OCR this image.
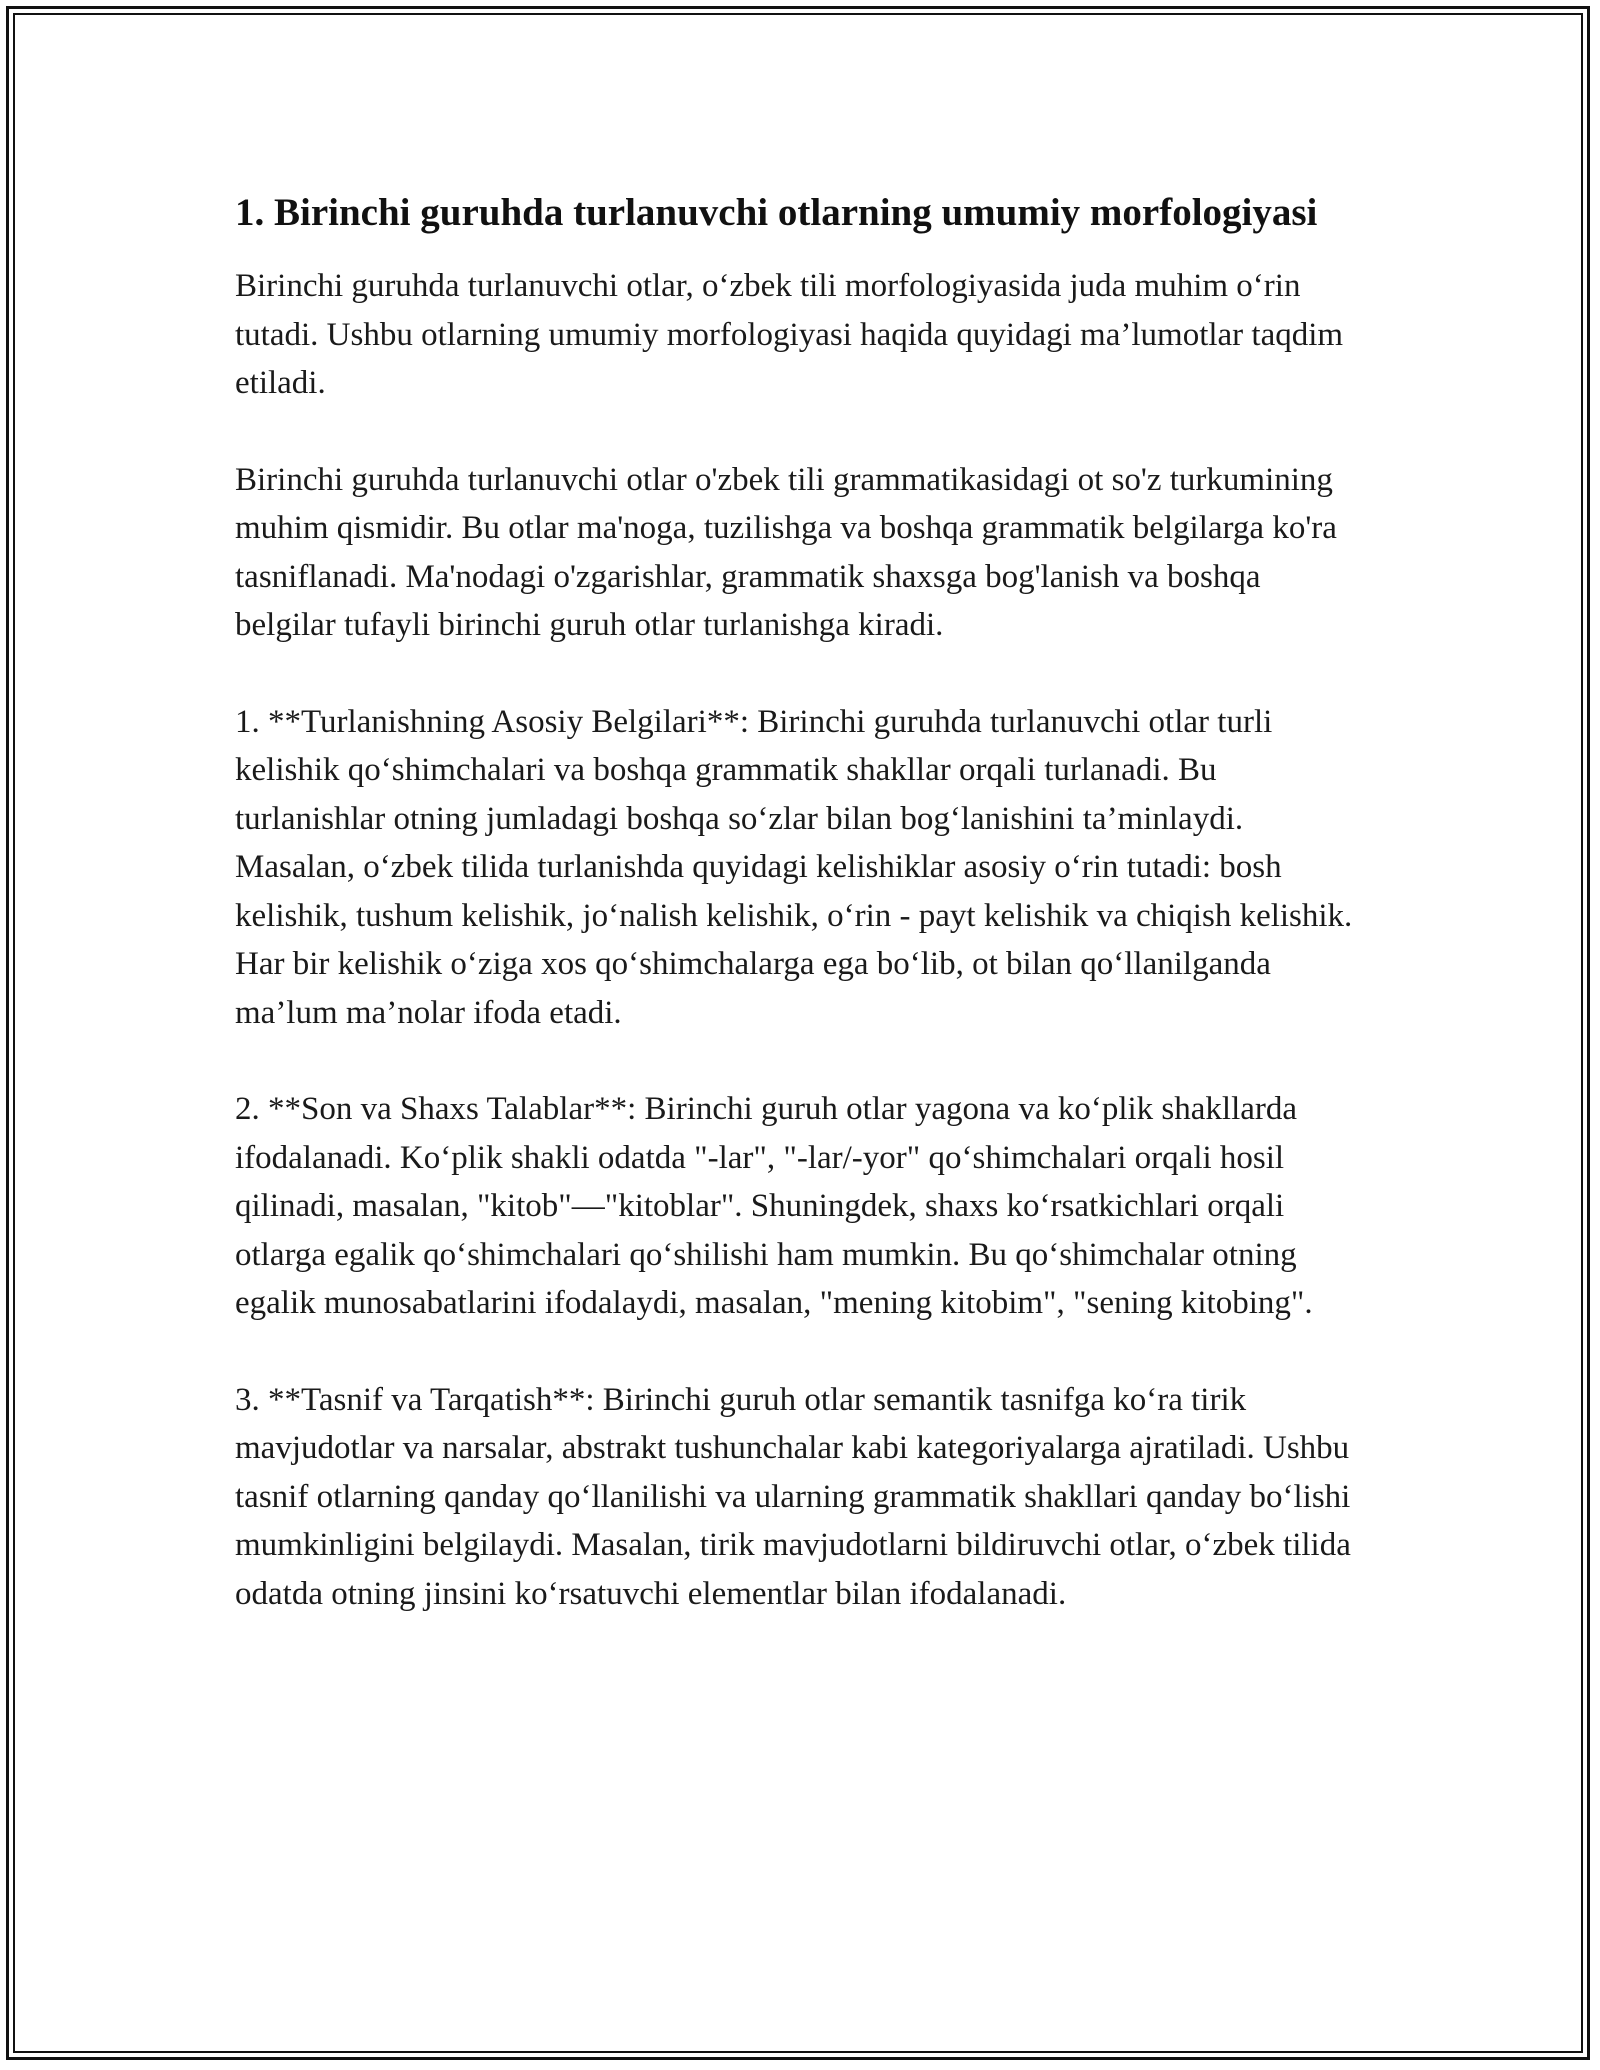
1. Birinchi guruhda turlanuvchi otlarning umumiy morfologiyasi

Birinchi guruhda turlanuvchi otlar, o‘zbek tili morfologiyasida juda muhim o‘rin tutadi. Ushbu otlarning umumiy morfologiyasi haqida quyidagi ma’lumotlar taqdim etiladi.

Birinchi guruhda turlanuvchi otlar o'zbek tili grammatikasidagi ot so'z turkumining muhim qismidir. Bu otlar ma'noga, tuzilishga va boshqa grammatik belgilarga ko'ra tasniflanadi. Ma'nodagi o'zgarishlar, grammatik shaxsga bog'lanish va boshqa belgilar tufayli birinchi guruh otlar turlanishga kiradi.

1. **Turlanishning Asosiy Belgilari**: Birinchi guruhda turlanuvchi otlar turli kelishik qo‘shimchalari va boshqa grammatik shakllar orqali turlanadi. Bu turlanishlar otning jumladagi boshqa so‘zlar bilan bog‘lanishini ta’minlaydi. Masalan, o‘zbek tilida turlanishda quyidagi kelishiklar asosiy o‘rin tutadi: bosh kelishik, tushum kelishik, jo‘nalish kelishik, o‘rin - payt kelishik va chiqish kelishik. Har bir kelishik o‘ziga xos qo‘shimchalarga ega bo‘lib, ot bilan qo‘llanilganda ma’lum ma’nolar ifoda etadi.

2. **Son va Shaxs Talablar**: Birinchi guruh otlar yagona va ko‘plik shakllarda ifodalanadi. Ko‘plik shakli odatda "-lar", "-lar/-yor" qo‘shimchalari orqali hosil qilinadi, masalan, "kitob"—"kitoblar". Shuningdek, shaxs ko‘rsatkichlari orqali otlarga egalik qo‘shimchalari qo‘shilishi ham mumkin. Bu qo‘shimchalar otning egalik munosabatlarini ifodalaydi, masalan, "mening kitobim", "sening kitobing".

3. **Tasnif va Tarqatish**: Birinchi guruh otlar semantik tasnifga ko‘ra tirik mavjudotlar va narsalar, abstrakt tushunchalar kabi kategoriyalarga ajratiladi. Ushbu tasnif otlarning qanday qo‘llanilishi va ularning grammatik shakllari qanday bo‘lishi mumkinligini belgilaydi. Masalan, tirik mavjudotlarni bildiruvchi otlar, o‘zbek tilida odatda otning jinsini ko‘rsatuvchi elementlar bilan ifodalanadi.
